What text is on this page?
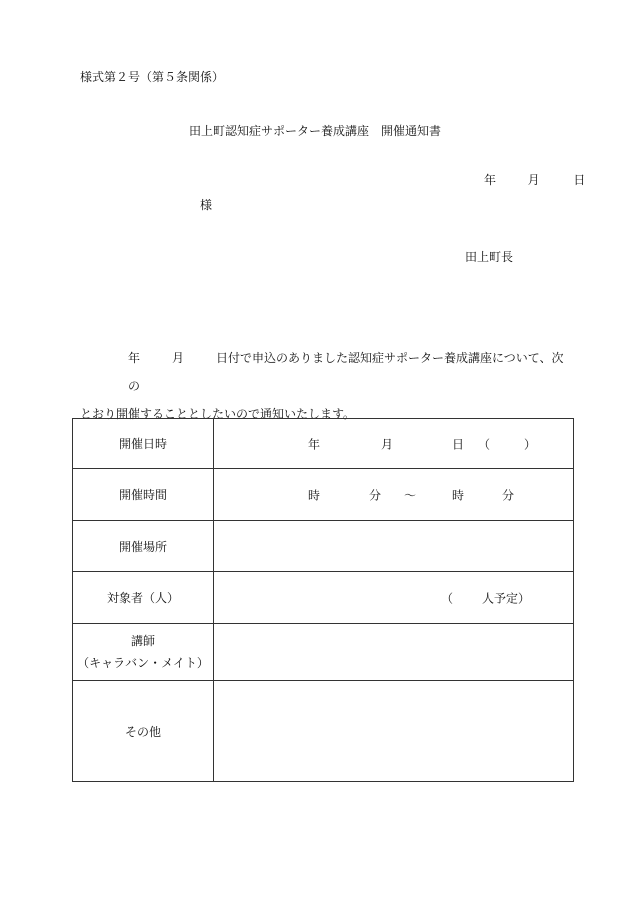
様式第２号（第５条関係）
田上町認知症サポーター養成講座　開催通知書
年	月	日
様
田上町長
年	月	日付で申込のありました認知症サポーター養成講座について、次の
とおり開催することとしたいので通知いたします。
開催日時	年 月 日 （ ）

開催時間	時 分 ～ 時 分

開催場所	
対象者（人）	（ 人予定）

講師
（キャラバン・メイト）	

その他	
